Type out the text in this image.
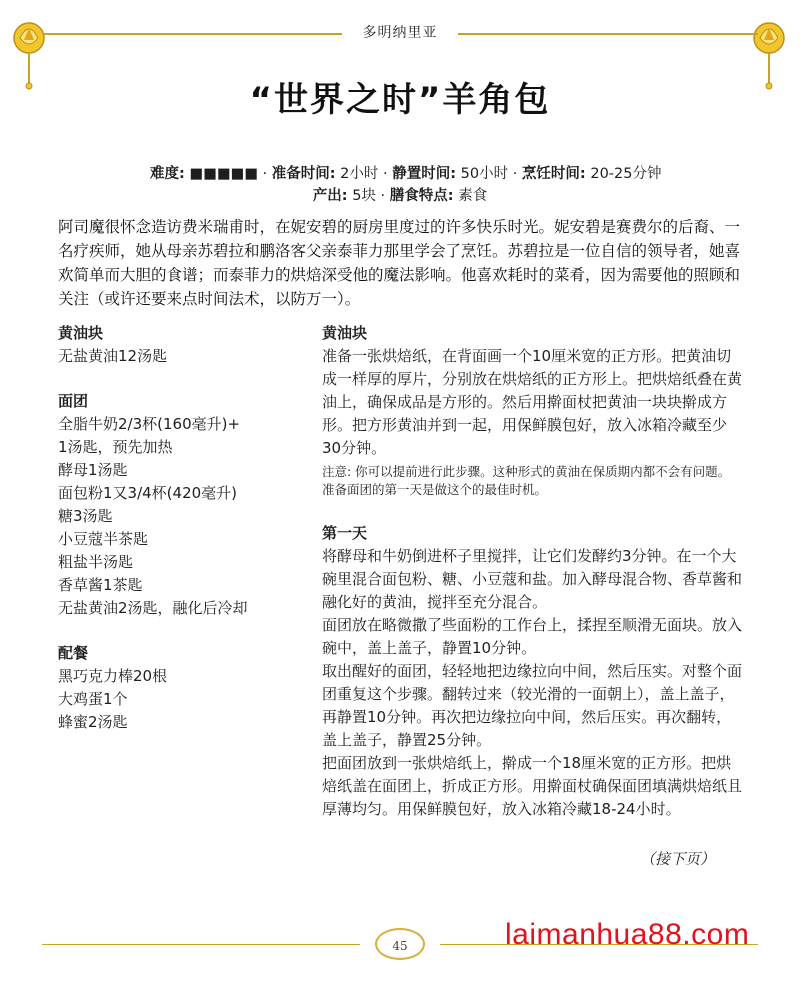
多明纳里亚
“世界之时”羊角包
难度: ■■■■■ · 准备时间: 2小时 · 静置时间: 50小时 · 烹饪时间: 20-25分钟
产出: 5块 · 膳食特点: 素食
阿司魔很怀念造访费米瑞甫时，在妮安碧的厨房里度过的许多快乐时光。妮安碧是赛费尔的后裔、一名疗疾师，她从母亲苏碧拉和鹏洛客父亲泰菲力那里学会了烹饪。苏碧拉是一位自信的领导者，她喜欢简单而大胆的食谱；而泰菲力的烘焙深受他的魔法影响。他喜欢耗时的菜肴，因为需要他的照顾和关注（或许还要来点时间法术，以防万一）。

黄油块

无盐黄油12汤匙

面团

全脂牛奶2/3杯(160毫升)+

1汤匙，预先加热

酵母1汤匙

面包粉1又3/4杯(420毫升)

糖3汤匙

小豆蔻半茶匙

粗盐半汤匙

香草酱1茶匙

无盐黄油2汤匙，融化后冷却

配餐

黑巧克力棒20根

大鸡蛋1个

蜂蜜2汤匙

黄油块

准备一张烘焙纸，在背面画一个10厘米宽的正方形。把黄油切成一样厚的厚片，分别放在烘焙纸的正方形上。把烘焙纸叠在黄油上，确保成品是方形的。然后用擀面杖把黄油一块块擀成方形。把方形黄油并到一起，用保鲜膜包好，放入冰箱冷藏至少30分钟。

注意: 你可以提前进行此步骤。这种形式的黄油在保质期内都不会有问题。准备面团的第一天是做这个的最佳时机。

第一天

将酵母和牛奶倒进杯子里搅拌，让它们发酵约3分钟。在一个大碗里混合面包粉、糖、小豆蔻和盐。加入酵母混合物、香草酱和融化好的黄油，搅拌至充分混合。

面团放在略微撒了些面粉的工作台上，揉捏至顺滑无面块。放入碗中，盖上盖子，静置10分钟。

取出醒好的面团，轻轻地把边缘拉向中间，然后压实。对整个面团重复这个步骤。翻转过来（较光滑的一面朝上），盖上盖子，再静置10分钟。再次把边缘拉向中间，然后压实。再次翻转，盖上盖子，静置25分钟。

把面团放到一张烘焙纸上，擀成一个18厘米宽的正方形。把烘焙纸盖在面团上，折成正方形。用擀面杖确保面团填满烘焙纸且厚薄均匀。用保鲜膜包好，放入冰箱冷藏18-24小时。

（接下页）
45	laimanhua88.com
